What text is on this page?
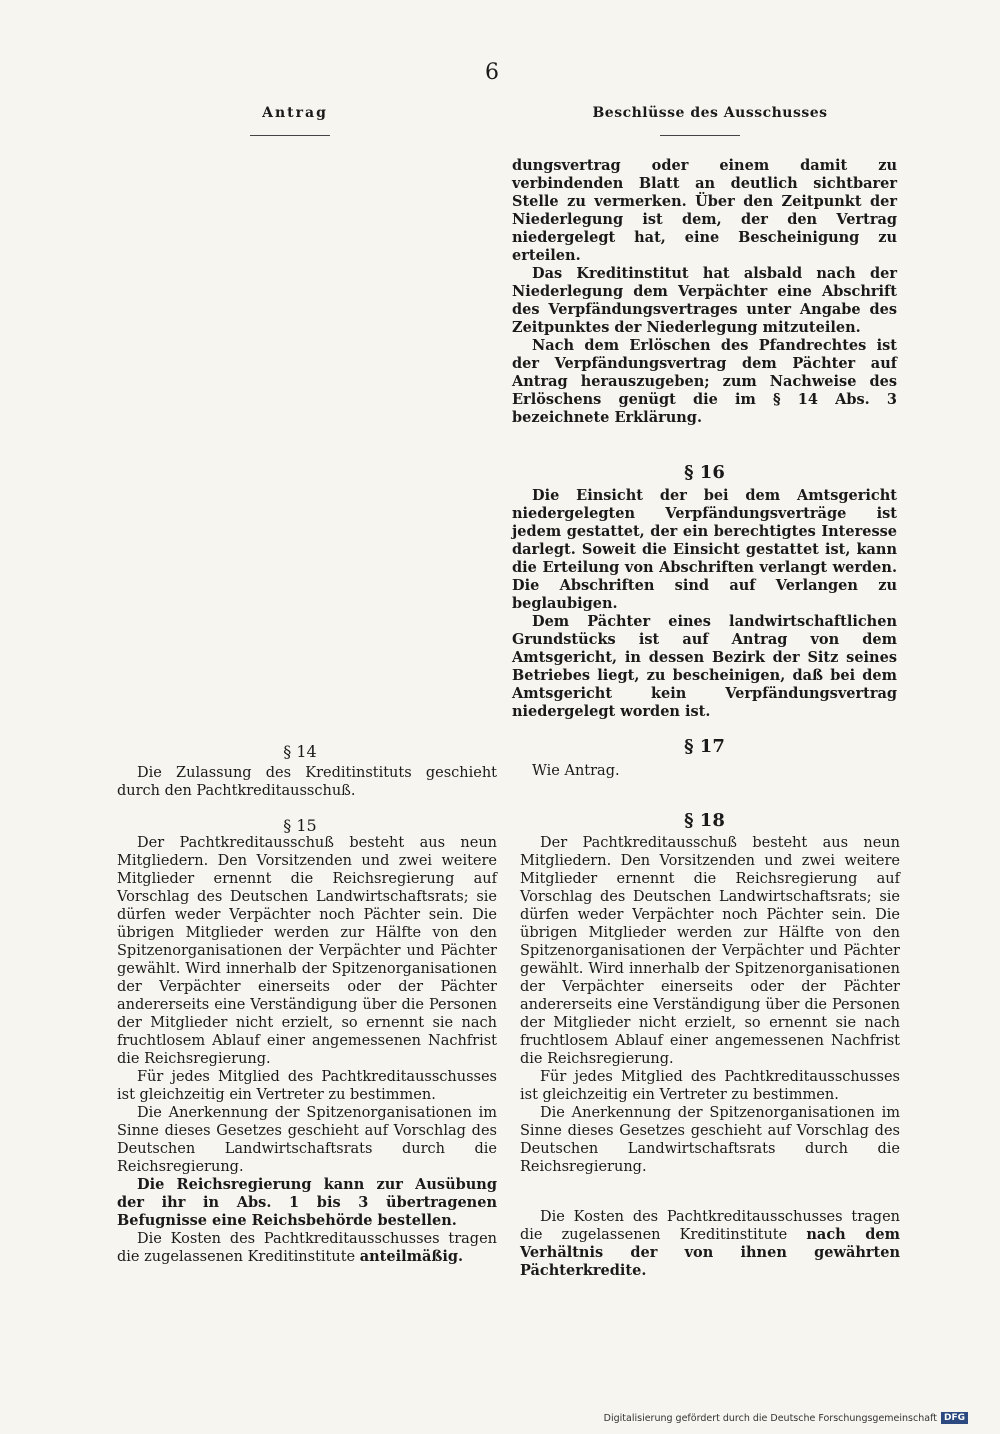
6
Antrag	Beschlüsse des Ausschusses

dungsvertrag oder einem damit zu verbindenden Blatt an deutlich sichtbarer Stelle zu vermerken. Über den Zeitpunkt der Niederlegung ist dem, der den Vertrag niedergelegt hat, eine Bescheinigung zu erteilen.

Das Kreditinstitut hat alsbald nach der Niederlegung dem Verpächter eine Abschrift des Verpfändungsvertrages unter Angabe des Zeitpunktes der Niederlegung mitzuteilen.

Nach dem Erlöschen des Pfandrechtes ist der Verpfändungsvertrag dem Pächter auf Antrag herauszugeben; zum Nachweise des Erlöschens genügt die im § 14 Abs. 3 bezeichnete Erklärung.

§ 16

Die Einsicht der bei dem Amtsgericht niedergelegten Verpfändungsverträge ist jedem gestattet, der ein berechtigtes Interesse darlegt. Soweit die Einsicht gestattet ist, kann die Erteilung von Abschriften verlangt werden. Die Abschriften sind auf Verlangen zu beglaubigen.

Dem Pächter eines landwirtschaftlichen Grundstücks ist auf Antrag von dem Amtsgericht, in dessen Bezirk der Sitz seines Betriebes liegt, zu bescheinigen, daß bei dem Amtsgericht kein Verpfändungsvertrag niedergelegt worden ist.

§ 14

Die Zulassung des Kreditinstituts geschieht durch den Pachtkreditausschuß.

§ 17

Wie Antrag.

§ 15

Der Pachtkreditausschuß besteht aus neun Mitgliedern. Den Vorsitzenden und zwei weitere Mitglieder ernennt die Reichsregierung auf Vorschlag des Deutschen Landwirtschaftsrats; sie dürfen weder Verpächter noch Pächter sein. Die übrigen Mitglieder werden zur Hälfte von den Spitzenorganisationen der Verpächter und Pächter gewählt. Wird innerhalb der Spitzenorganisationen der Verpächter einerseits oder der Pächter andererseits eine Verständigung über die Personen der Mitglieder nicht erzielt, so ernennt sie nach fruchtlosem Ablauf einer angemessenen Nachfrist die Reichsregierung.

Für jedes Mitglied des Pachtkreditausschusses ist gleichzeitig ein Vertreter zu bestimmen.

Die Anerkennung der Spitzenorganisationen im Sinne dieses Gesetzes geschieht auf Vorschlag des Deutschen Landwirtschaftsrats durch die Reichsregierung.

Die Reichsregierung kann zur Ausübung der ihr in Abs. 1 bis 3 übertragenen Befugnisse eine Reichsbehörde bestellen.

Die Kosten des Pachtkreditausschusses tragen die zugelassenen Kreditinstitute anteilmäßig.

§ 18

Der Pachtkreditausschuß besteht aus neun Mitgliedern. Den Vorsitzenden und zwei weitere Mitglieder ernennt die Reichsregierung auf Vorschlag des Deutschen Landwirtschaftsrats; sie dürfen weder Verpächter noch Pächter sein. Die übrigen Mitglieder werden zur Hälfte von den Spitzenorganisationen der Verpächter und Pächter gewählt. Wird innerhalb der Spitzenorganisationen der Verpächter einerseits oder der Pächter andererseits eine Verständigung über die Personen der Mitglieder nicht erzielt, so ernennt sie nach fruchtlosem Ablauf einer angemessenen Nachfrist die Reichsregierung.

Für jedes Mitglied des Pachtkreditausschusses ist gleichzeitig ein Vertreter zu bestimmen.

Die Anerkennung der Spitzenorganisationen im Sinne dieses Gesetzes geschieht auf Vorschlag des Deutschen Landwirtschaftsrats durch die Reichsregierung.

Die Kosten des Pachtkreditausschusses tragen die zugelassenen Kreditinstitute nach dem Verhältnis der von ihnen gewährten Pächterkredite.

Digitalisierung gefördert durch die Deutsche Forschungsgemeinschaft DFG
